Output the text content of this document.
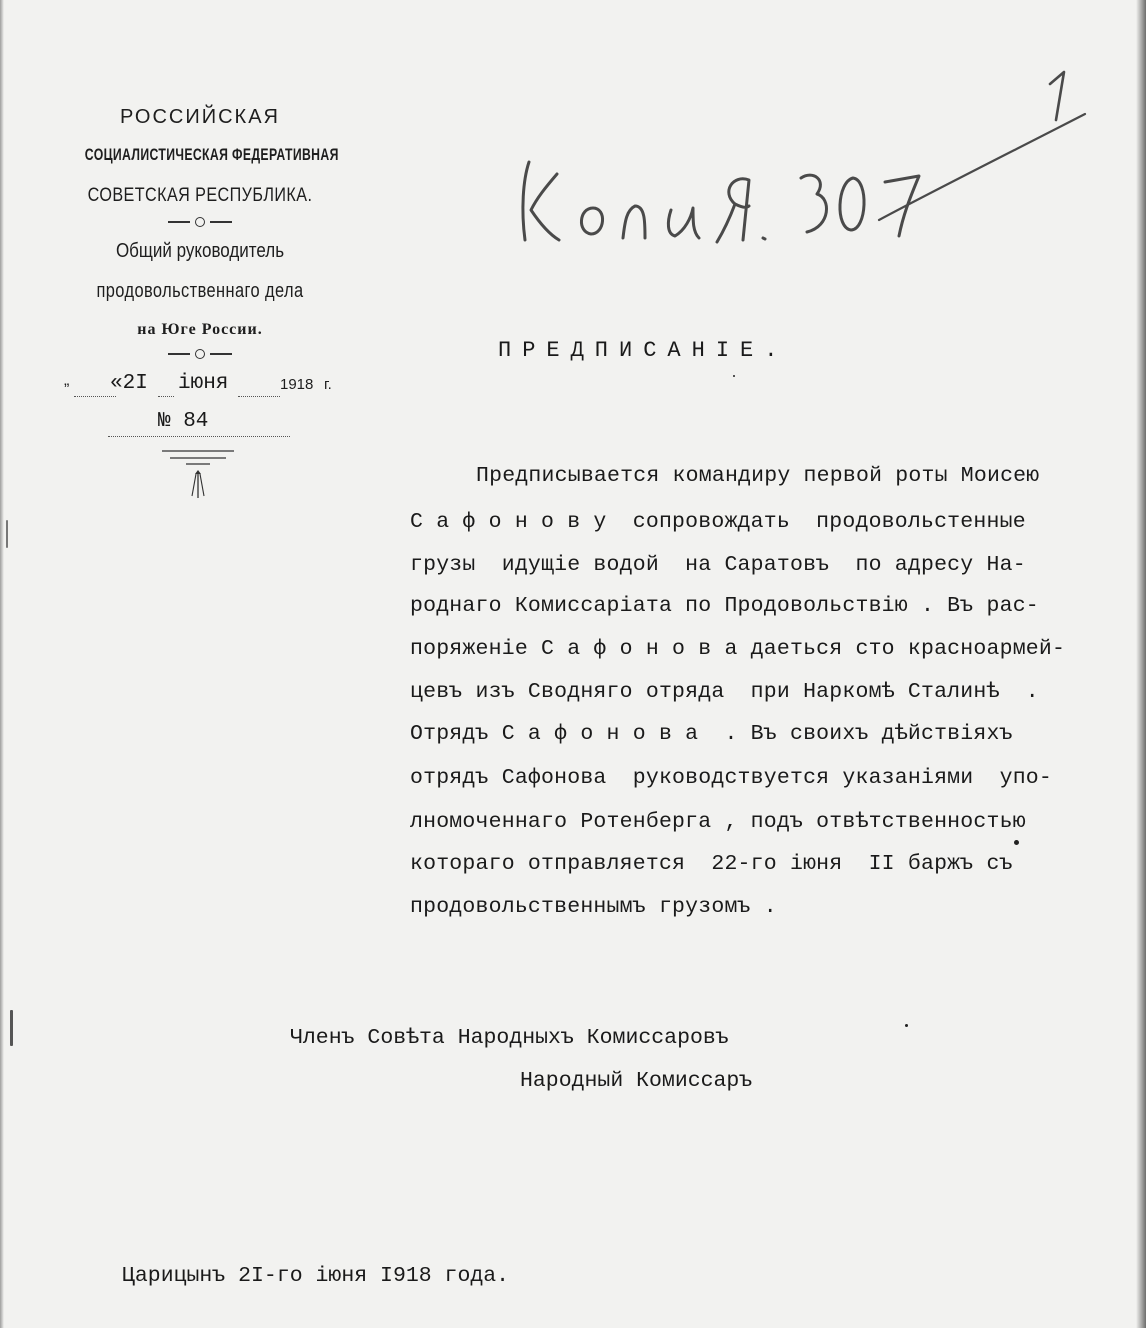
РОССИЙСКАЯ
СОЦИАЛИСТИЧЕСКАЯ ФЕДЕРАТИВНАЯ
СОВЕТСКАЯ РЕСПУБЛИКА.
Общий руководитель
продовольственнаго дела
на Юге России.
„ «2I iюня	1918 г.
№ 84
ПРЕДПИСАНIЕ.
Предписывается командиру первой роты Моисею
С а ф о н о в у  сопровождать  продовольстенные
грузы  идущiе водой  на Саратовъ  по адресу На-
роднаго Комиссарiата по Продовольствiю . Въ рас-
поряженiе С а ф о н о в а даеться сто красноармей-
цевъ изъ Сводняго отряда  при Наркомѣ Сталинѣ  .
Отрядъ С а ф о н о в а  . Въ своихъ дѣйствiяхъ
отрядъ Сафонова  руководствуется указанiями  упо-
лномоченнаго Ротенберга , подъ отвѣтственностью
котораго отправляется  22-го iюня  II баржъ съ
продовольственнымъ грузомъ .
Членъ Совѣта Народныхъ Комиссаровъ
Народный Комиссаръ
Царицынъ 2I-го iюня I918 года.
